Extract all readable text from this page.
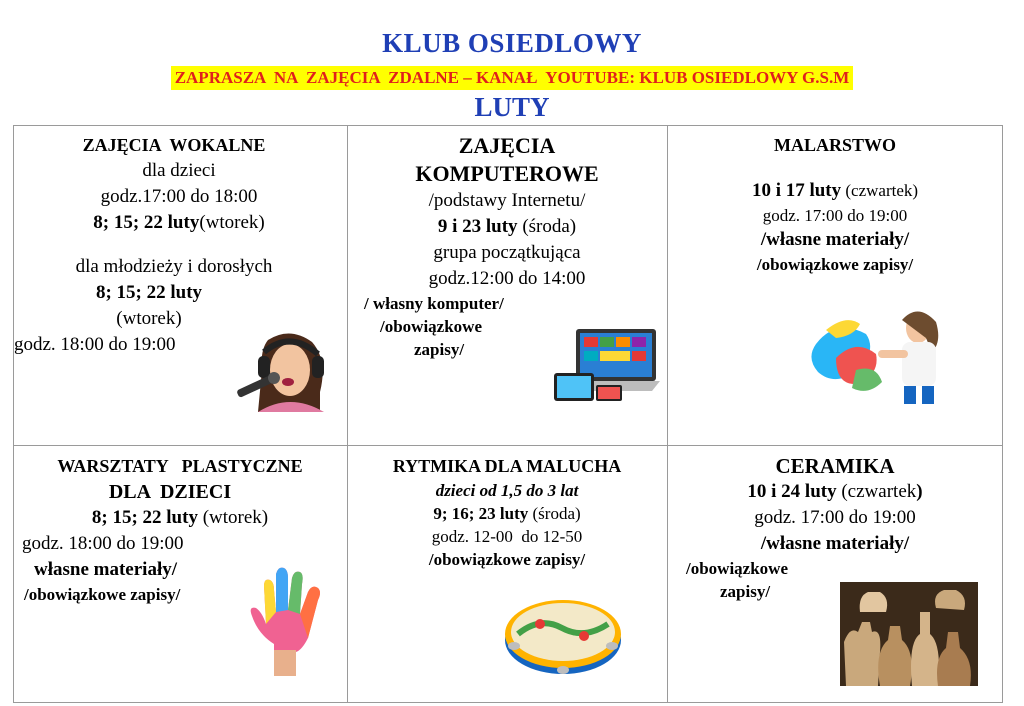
KLUB OSIEDLOWY
ZAPRASZA  NA  ZAJĘCIA  ZDALNE – KANAŁ  YOUTUBE: KLUB OSIEDLOWY G.S.M
LUTY

ZAJĘCIA  WOKALNE

dla dzieci

godz.17:00 do 18:00

8; 15; 22 luty(wtorek)

dla młodzieży i dorosłych

8; 15; 22 luty

(wtorek)

godz. 18:00 do 19:00

ZAJĘCIA

KOMPUTEROWE

/podstawy Internetu/

9 i 23 luty (środa)

grupa początkująca

godz.12:00 do 14:00

/ własny komputer/

/obowiązkowe

zapisy/

MALARSTWO

10 i 17 luty (czwartek)

godz. 17:00 do 19:00

/własne materiały/

/obowiązkowe zapisy/

WARSZTATY   PLASTYCZNE

DLA  DZIECI

8; 15; 22 luty (wtorek)

godz. 18:00 do 19:00

własne materiały/

/obowiązkowe zapisy/

RYTMIKA DLA MALUCHA

dzieci od 1,5 do 3 lat

9; 16; 23 luty (środa)

godz. 12-00  do 12-50

/obowiązkowe zapisy/

CERAMIKA

10 i 24 luty (czwartek)

godz. 17:00 do 19:00

/własne materiały/

/obowiązkowe

zapisy/
